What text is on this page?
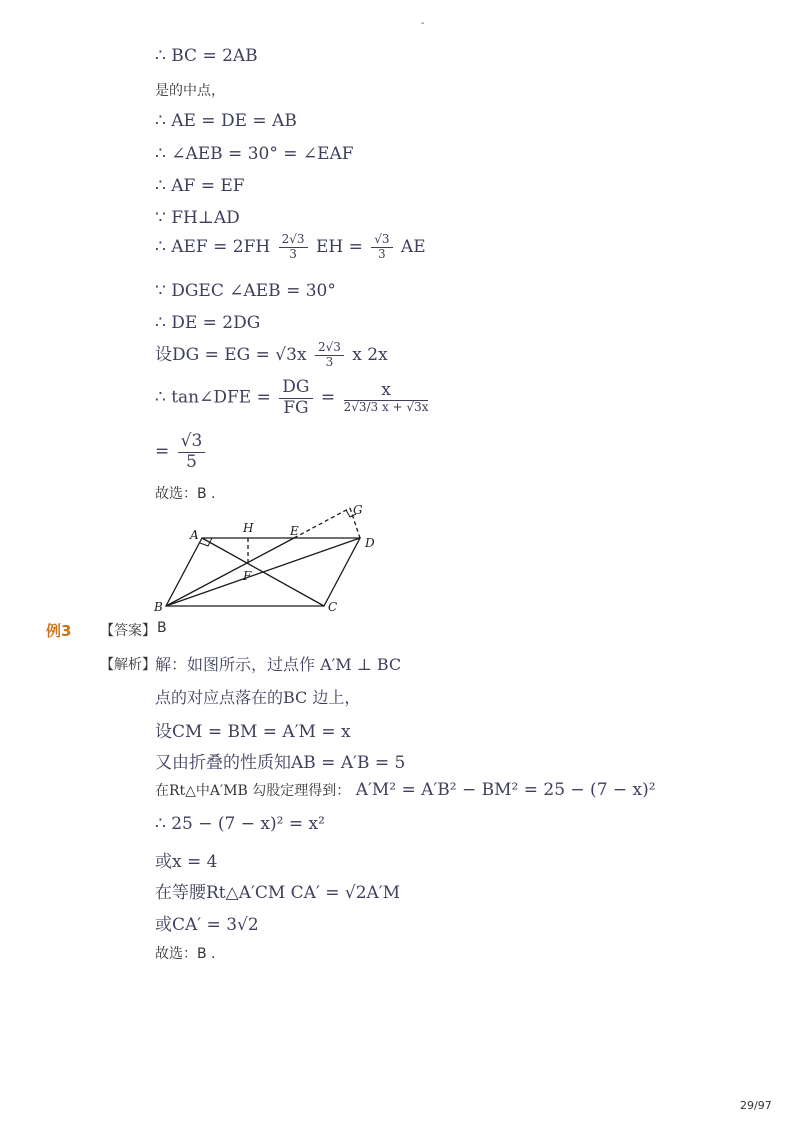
-
∴ BC = 2AB
是的中点，
∴ AE = DE = AB
∴ ∠AEB = 30° = ∠EAF
∴ AF = EF
∵ FH⊥AD
∴ AEF = $2FH \frac{2√3}{3}$ EH = $\frac{√3}{3}$ AE
∵ DGEC ∠AEB = 30°
∴ DE = 2DG
设DG = EG = $√3x \frac{2√3}{3}$ x 2x
∴ tan∠DFE = $\frac{DG}{FG} = \frac{x}{2√3/3 x + √3x}$
= $\frac{√3}{5}$
故选：B .
A	H	E
G
D
F
B	C
例3 【答案】 B
【解析】 解：如图所示，过点作 A′M ⊥ BC
点的对应点落在的BC 边上，
设CM = BM = A′M = x
又由折叠的性质知AB = A′B = 5
在Rt△中A′MB 勾股定理得到： A′M² = A′B² − BM² = 25 − (7 − x)²
∴ 25 − (7 − x)² = x²
或x = 4
在等腰Rt△A′CM CA′ = √2A′M
或CA′ = 3√2
故选：B .
29/97
